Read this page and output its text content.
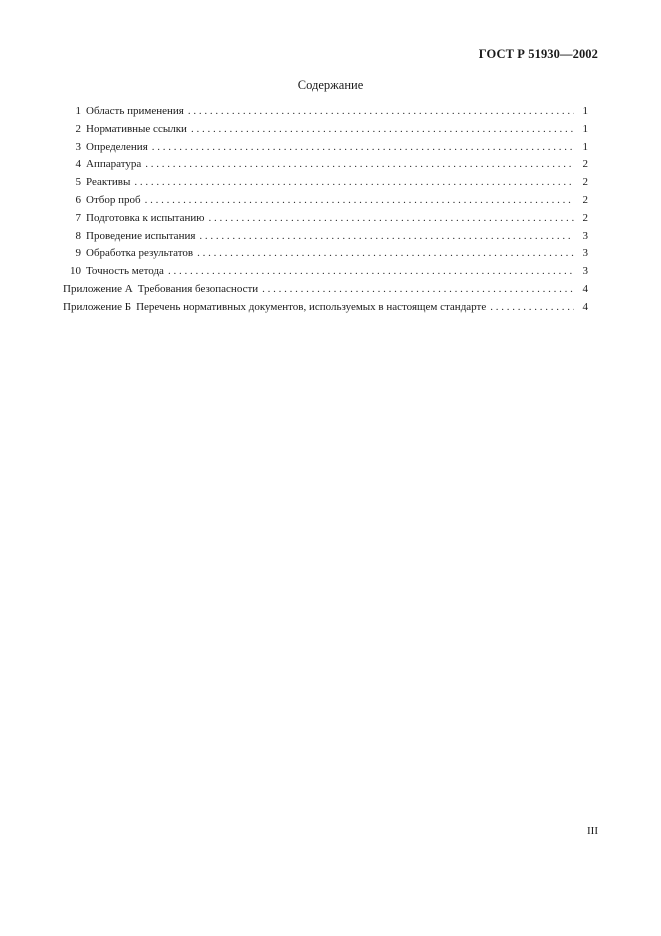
ГОСТ Р 51930—2002
Содержание
1 Область применения . . .	1
2 Нормативные ссылки . . .	1
3 Определения . . .	1
4 Аппаратура . . .	2
5 Реактивы . . .	2
6 Отбор проб . . .	2
7 Подготовка к испытанию . . .	2
8 Проведение испытания . . .	3
9 Обработка результатов . . .	3
10 Точность метода . . .	3
Приложение А Требования безопасности . . .	4
Приложение Б Перечень нормативных документов, используемых в настоящем стандарте . . .	4
III
